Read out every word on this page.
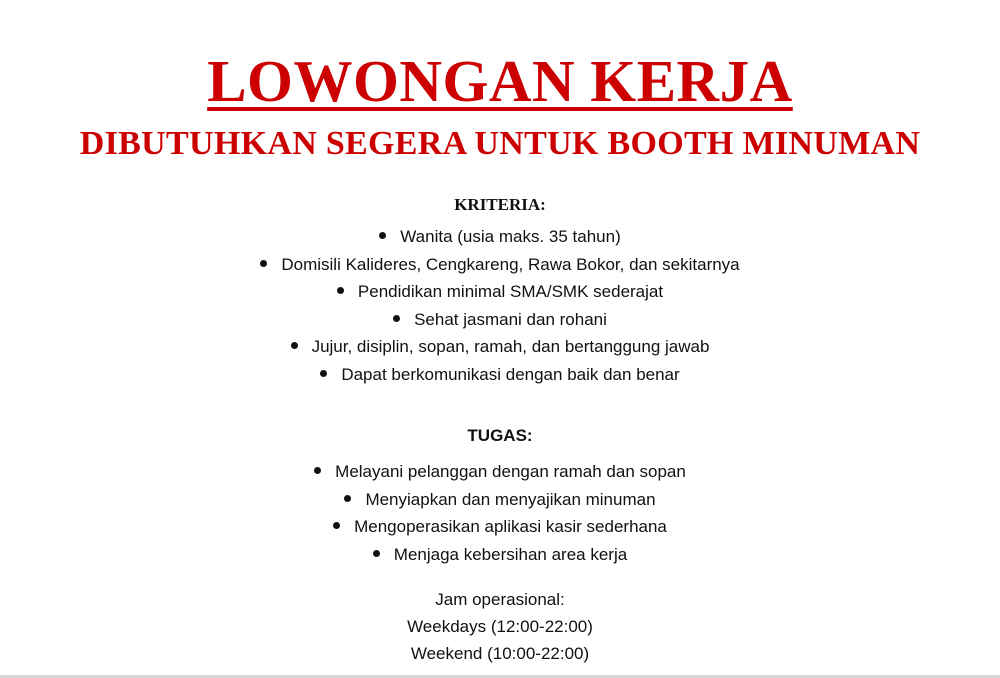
LOWONGAN KERJA
DIBUTUHKAN SEGERA UNTUK BOOTH MINUMAN
KRITERIA:
Wanita (usia maks. 35 tahun)
Domisili Kalideres, Cengkareng, Rawa Bokor, dan sekitarnya
Pendidikan minimal SMA/SMK sederajat
Sehat jasmani dan rohani
Jujur, disiplin, sopan, ramah, dan bertanggung jawab
Dapat berkomunikasi dengan baik dan benar
TUGAS:
Melayani pelanggan dengan ramah dan sopan
Menyiapkan dan menyajikan minuman
Mengoperasikan aplikasi kasir sederhana
Menjaga kebersihan area kerja
Jam operasional:
Weekdays (12:00-22:00)
Weekend (10:00-22:00)
